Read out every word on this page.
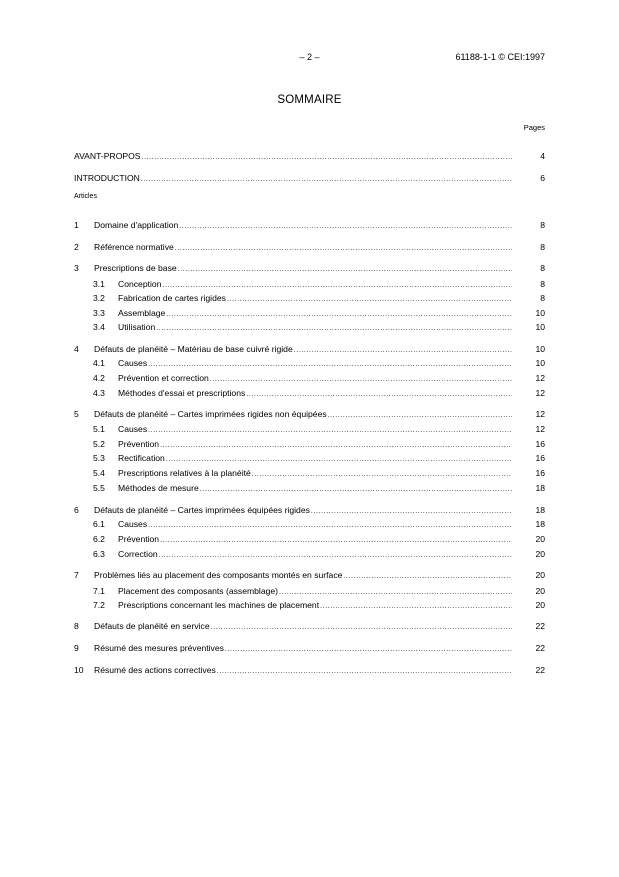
– 2 –	61188-1-1 © CEI:1997
SOMMAIRE
Pages
Articles
AVANT-PROPOS .....	4
INTRODUCTION .....	6
1 Domaine d'application .....	8
2 Référence normative .....	8
3 Prescriptions de base .....	8
3.1 Conception .....	8
3.2 Fabrication de cartes rigides .....	8
3.3 Assemblage .....	10
3.4 Utilisation .....	10
4 Défauts de planéité – Matériau de base cuivré rigide .....	10
4.1 Causes .....	10
4.2 Prévention et correction .....	12
4.3 Méthodes d'essai et prescriptions .....	12
5 Défauts de planéité – Cartes imprimées rigides non équipées .....	12
5.1 Causes .....	12
5.2 Prévention .....	16
5.3 Rectification .....	16
5.4 Prescriptions relatives à la planéité .....	16
5.5 Méthodes de mesure .....	18
6 Défauts de planéité – Cartes imprimées équipées rigides .....	18
6.1 Causes .....	18
6.2 Prévention .....	20
6.3 Correction .....	20
7 Problèmes liés au placement des composants montés en surface .....	20
7.1 Placement des composants (assemblage) .....	20
7.2 Prescriptions concernant les machines de placement .....	20
8 Défauts de planéité en service .....	22
9 Résumé des mesures préventives .....	22
10 Résumé des actions correctives .....	22
